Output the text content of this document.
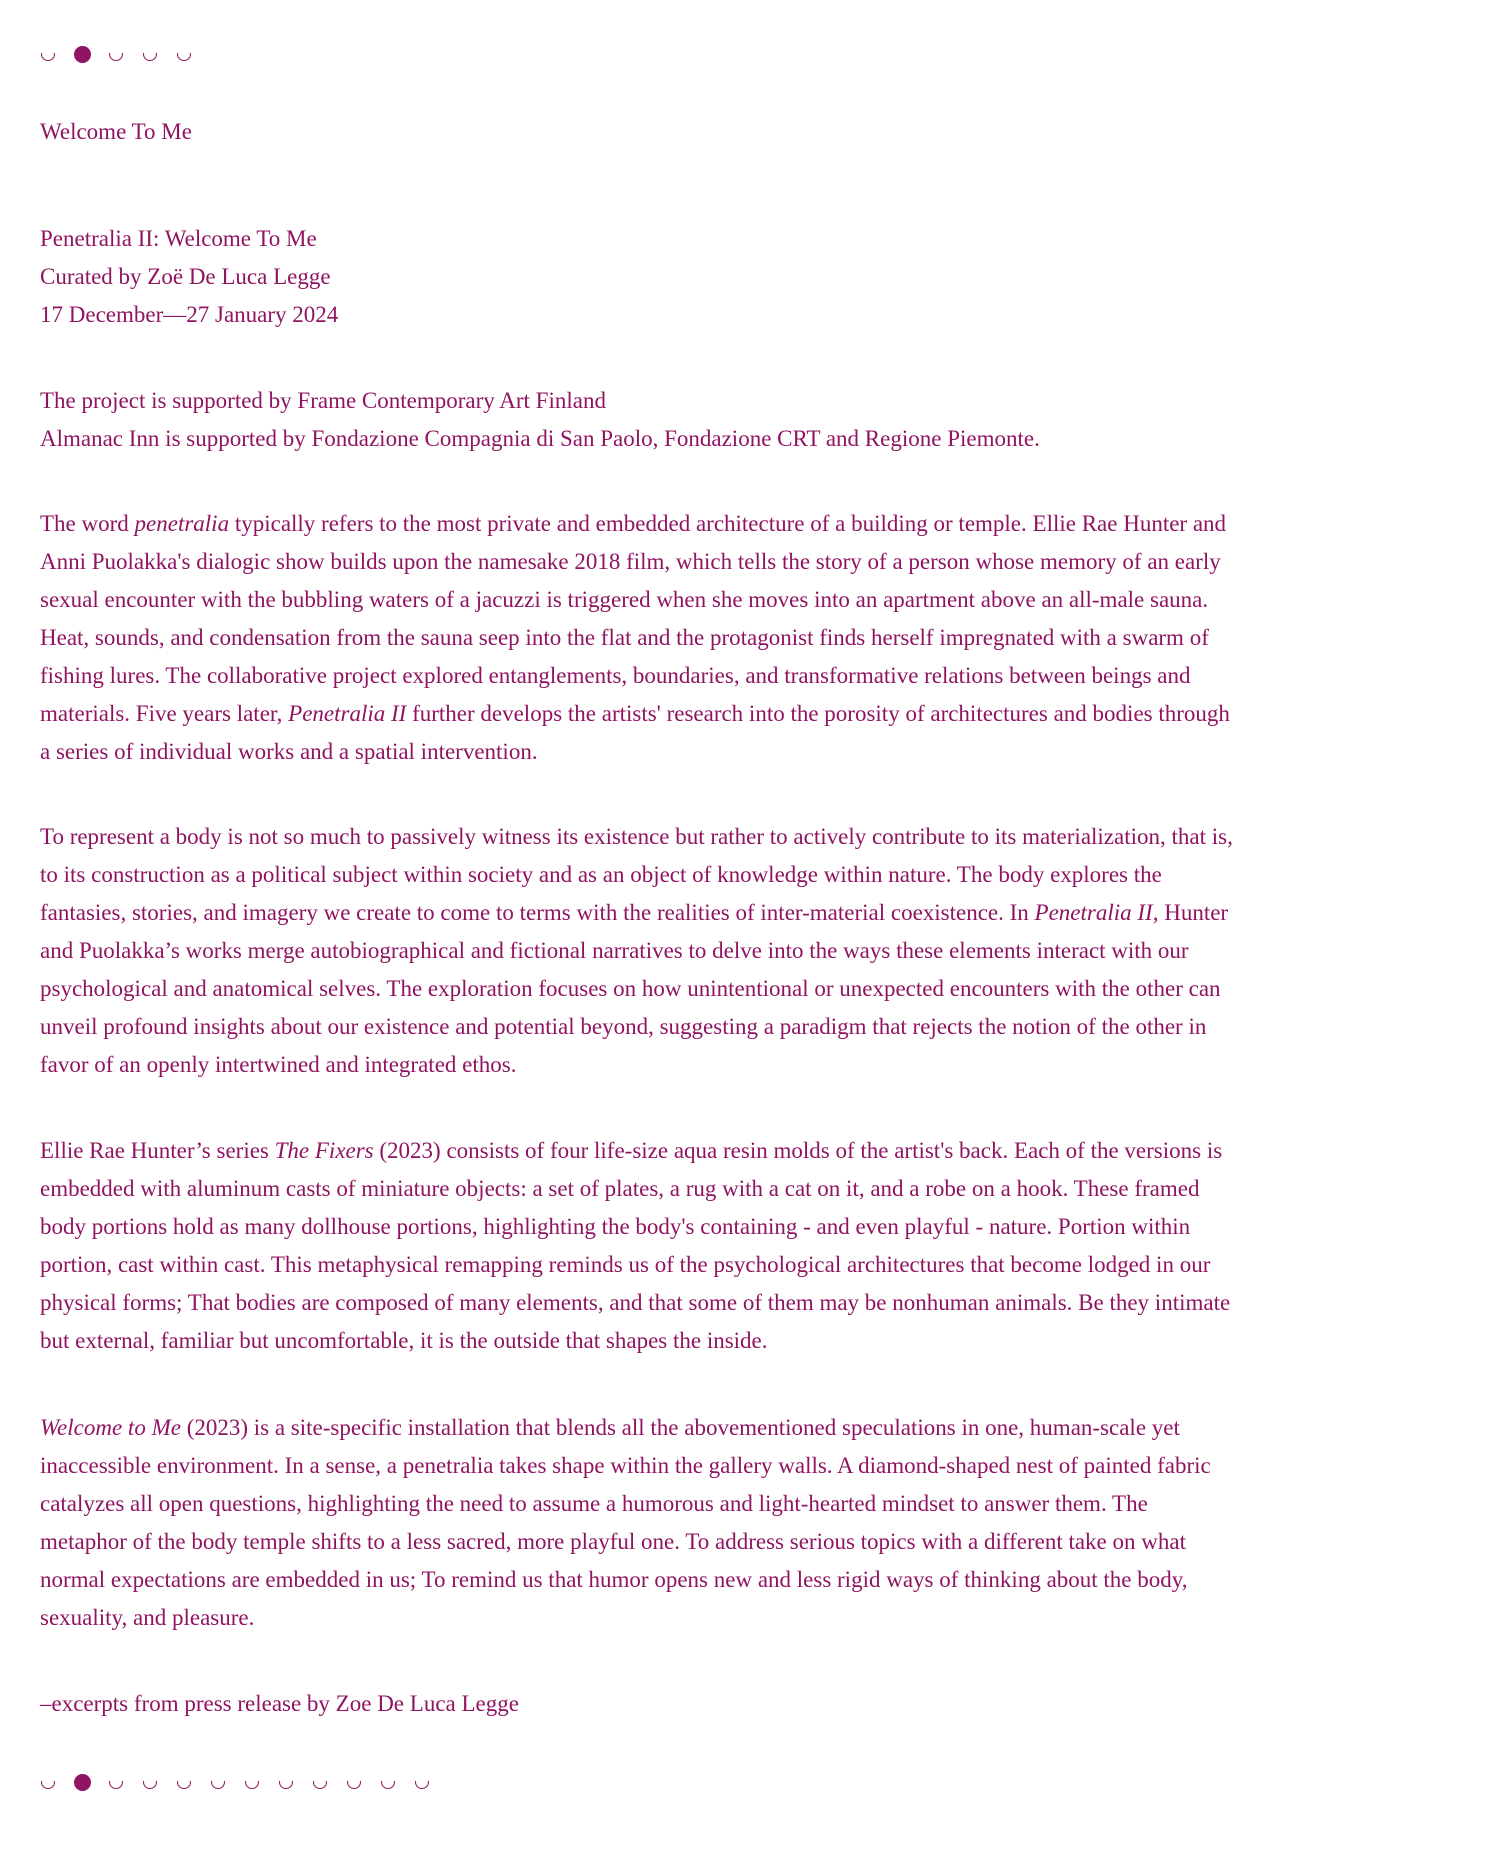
Welcome To Me

Penetralia II: Welcome To Me

Curated by Zoë De Luca Legge

17 December—27 January 2024

The project is supported by Frame Contemporary Art Finland

Almanac Inn is supported by Fondazione Compagnia di San Paolo, Fondazione CRT and Regione Piemonte.

The word penetralia typically refers to the most private and embedded architecture of a building or temple. Ellie Rae Hunter and Anni Puolakka's dialogic show builds upon the namesake 2018 film, which tells the story of a person whose memory of an early sexual encounter with the bubbling waters of a jacuzzi is triggered when she moves into an apartment above an all-male sauna. Heat, sounds, and condensation from the sauna seep into the flat and the protagonist finds herself impregnated with a swarm of fishing lures. The collaborative project explored entanglements, boundaries, and transformative relations between beings and materials. Five years later, Penetralia II further develops the artists' research into the porosity of architectures and bodies through a series of individual works and a spatial intervention.

To represent a body is not so much to passively witness its existence but rather to actively contribute to its materialization, that is, to its construction as a political subject within society and as an object of knowledge within nature. The body explores the fantasies, stories, and imagery we create to come to terms with the realities of inter-material coexistence. In Penetralia II, Hunter and Puolakka’s works merge autobiographical and fictional narratives to delve into the ways these elements interact with our psychological and anatomical selves. The exploration focuses on how unintentional or unexpected encounters with the other can unveil profound insights about our existence and potential beyond, suggesting a paradigm that rejects the notion of the other in favor of an openly intertwined and integrated ethos.

Ellie Rae Hunter’s series The Fixers (2023) consists of four life-size aqua resin molds of the artist's back. Each of the versions is embedded with aluminum casts of miniature objects: a set of plates, a rug with a cat on it, and a robe on a hook. These framed body portions hold as many dollhouse portions, highlighting the body's containing - and even playful - nature. Portion within portion, cast within cast. This metaphysical remapping reminds us of the psychological architectures that become lodged in our physical forms; That bodies are composed of many elements, and that some of them may be nonhuman animals. Be they intimate but external, familiar but uncomfortable, it is the outside that shapes the inside.

Welcome to Me (2023) is a site-specific installation that blends all the abovementioned speculations in one, human-scale yet inaccessible environment. In a sense, a penetralia takes shape within the gallery walls. A diamond-shaped nest of painted fabric catalyzes all open questions, highlighting the need to assume a humorous and light-hearted mindset to answer them. The metaphor of the body temple shifts to a less sacred, more playful one. To address serious topics with a different take on what normal expectations are embedded in us; To remind us that humor opens new and less rigid ways of thinking about the body, sexuality, and pleasure.

–excerpts from press release by Zoe De Luca Legge
